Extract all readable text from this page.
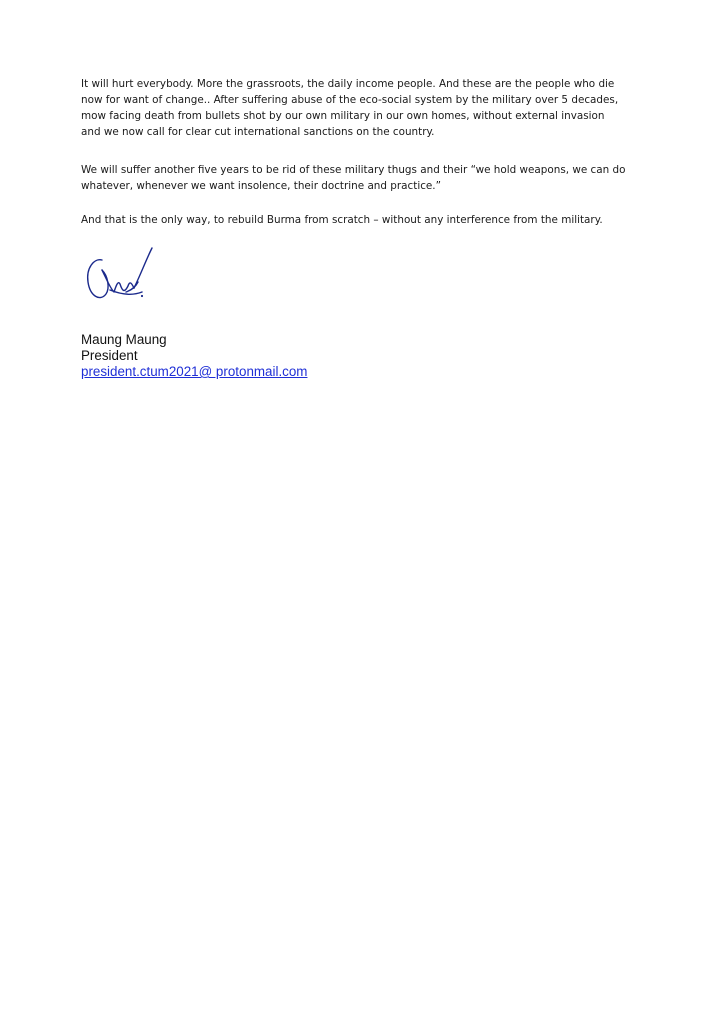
It will hurt everybody. More the grassroots, the daily income people. And these are the people who die
now for want of change.. After suffering abuse of the eco-social system by the military over 5 decades,
mow facing death from bullets shot by our own military in our own homes, without external invasion
and we now call for clear cut international sanctions on the country.

We will suffer another five years to be rid of these military thugs and their “we hold weapons, we can do
whatever, whenever we want insolence, their doctrine and practice.”

And that is the only way, to rebuild Burma from scratch – without any interference from the military.

Maung Maung
President
president.ctum2021@ protonmail.com
